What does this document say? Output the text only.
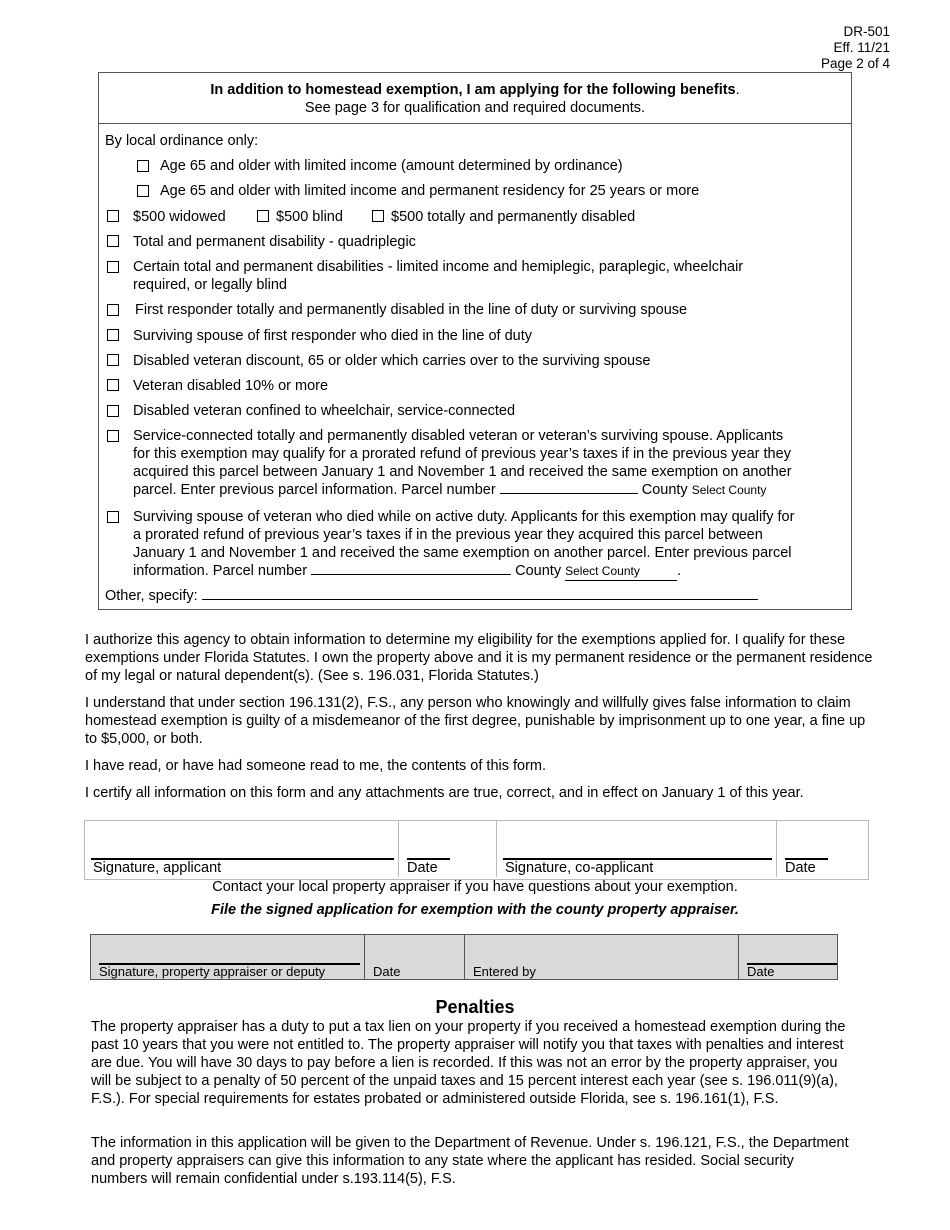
DR-501
Eff. 11/21
Page 2 of 4
In addition to homestead exemption, I am applying for the following benefits.
See page 3 for qualification and required documents.
By local ordinance only:
Age 65 and older with limited income (amount determined by ordinance)
Age 65 and older with limited income and permanent residency for 25 years or more
$500 widowed	$500 blind	$500 totally and permanently disabled
Total and permanent disability - quadriplegic
Certain total and permanent disabilities - limited income and hemiplegic, paraplegic, wheelchair
required, or legally blind
First responder totally and permanently disabled in the line of duty or surviving spouse
Surviving spouse of first responder who died in the line of duty
Disabled veteran discount, 65 or older which carries over to the surviving spouse
Veteran disabled 10% or more
Disabled veteran confined to wheelchair, service-connected
Service-connected totally and permanently disabled veteran or veteran’s surviving spouse. Applicants
for this exemption may qualify for a prorated refund of previous year’s taxes if in the previous year they
acquired this parcel between January 1 and November 1 and received the same exemption on another
parcel. Enter previous parcel information. Parcel number	County Select County
Surviving spouse of veteran who died while on active duty. Applicants for this exemption may qualify for
a prorated refund of previous year’s taxes if in the previous year they acquired this parcel between
January 1 and November 1 and received the same exemption on another parcel. Enter previous parcel
information. Parcel number	County Select County	.
Other, specify:
I authorize this agency to obtain information to determine my eligibility for the exemptions applied for. I qualify for these exemptions under Florida Statutes. I own the property above and it is my permanent residence or the permanent residence of my legal or natural dependent(s). (See s. 196.031, Florida Statutes.)
I understand that under section 196.131(2), F.S., any person who knowingly and willfully gives false information to claim homestead exemption is guilty of a misdemeanor of the first degree, punishable by imprisonment up to one year, a fine up to $5,000, or both.
I have read, or have had someone read to me, the contents of this form.
I certify all information on this form and any attachments are true, correct, and in effect on January 1 of this year.
Signature, applicant	Date	Signature, co-applicant	Date
Contact your local property appraiser if you have questions about your exemption.
File the signed application for exemption with the county property appraiser.
Signature, property appraiser or deputy	Date	Entered by	Date
Penalties
The property appraiser has a duty to put a tax lien on your property if you received a homestead exemption during the past 10 years that you were not entitled to. The property appraiser will notify you that taxes with penalties and interest are due. You will have 30 days to pay before a lien is recorded. If this was not an error by the property appraiser, you will be subject to a penalty of 50 percent of the unpaid taxes and 15 percent interest each year (see s. 196.011(9)(a), F.S.). For special requirements for estates probated or administered outside Florida, see s. 196.161(1), F.S.
The information in this application will be given to the Department of Revenue. Under s. 196.121, F.S., the Department and property appraisers can give this information to any state where the applicant has resided. Social security numbers will remain confidential under s.193.114(5), F.S.
